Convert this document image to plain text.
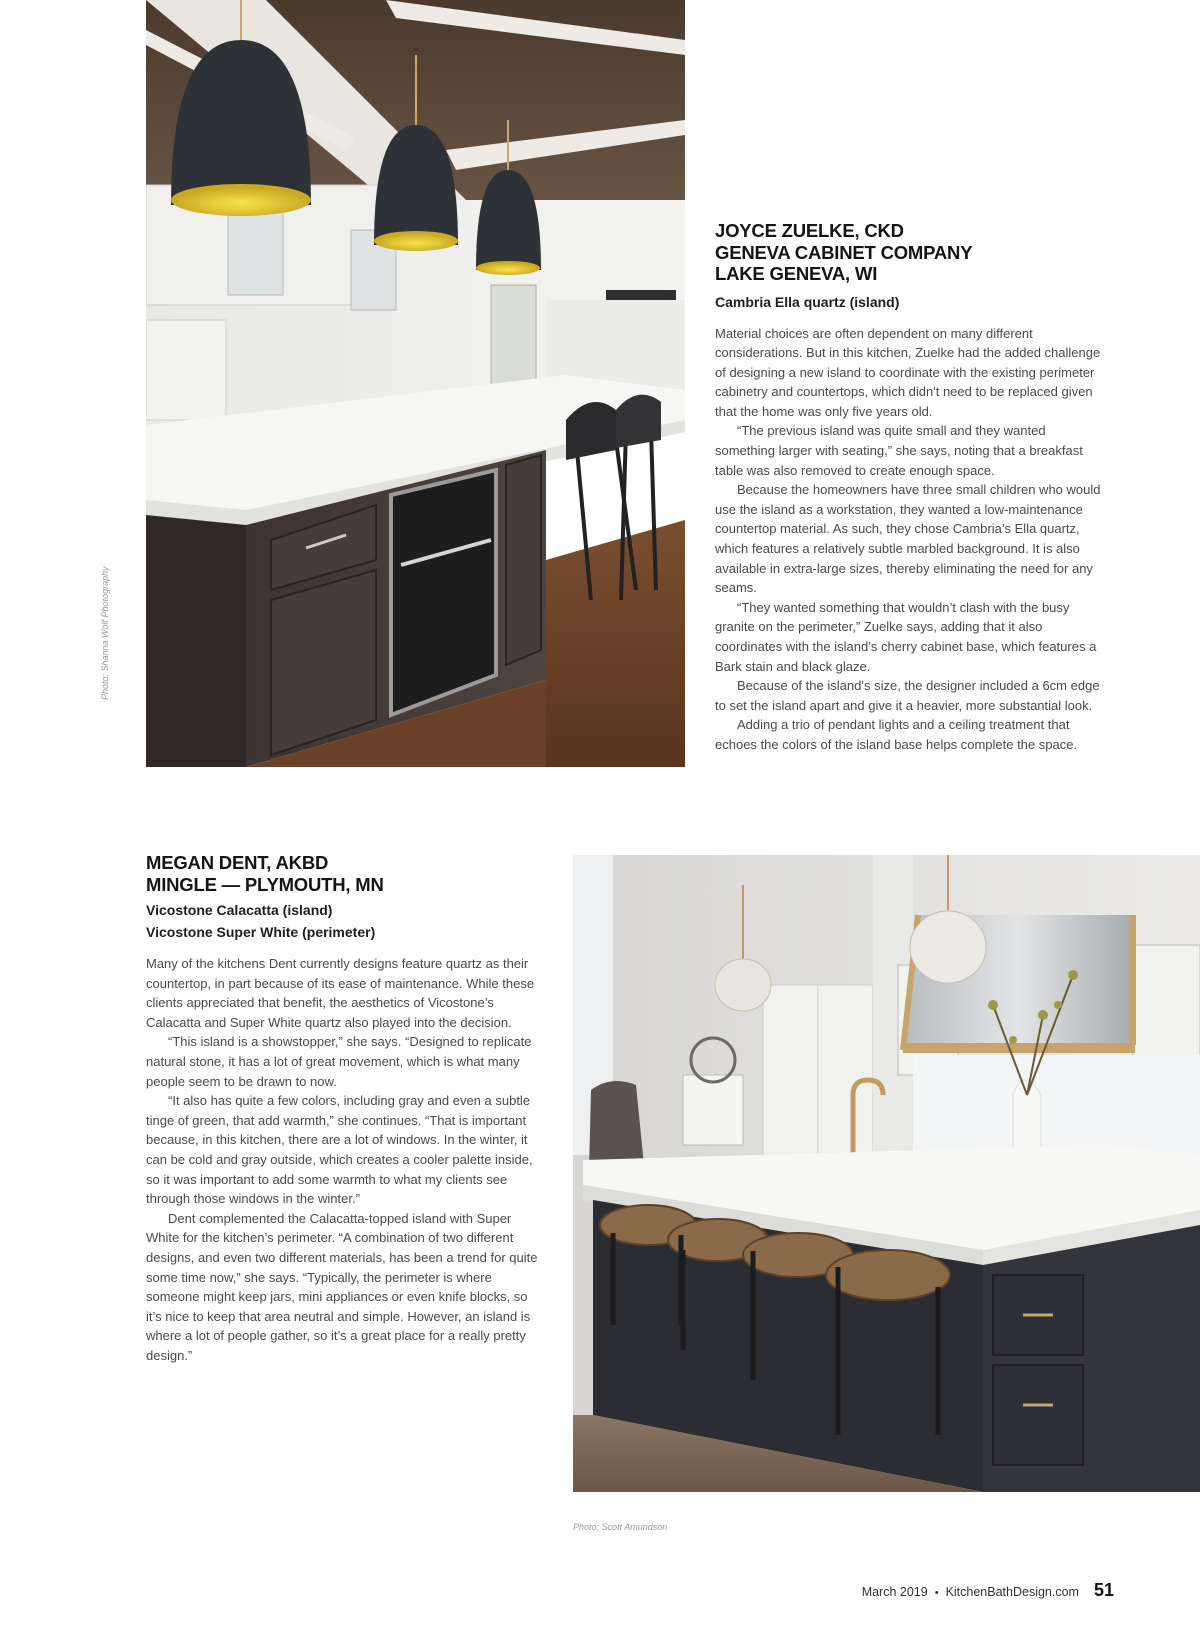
Photo: Shanna Wolf Photography
JOYCE ZUELKE, CKD
GENEVA CABINET COMPANY
LAKE GENEVA, WI
Cambria Ella quartz (island)

Material choices are often dependent on many different considerations. But in this kitchen, Zuelke had the added challenge of designing a new island to coordinate with the existing perimeter cabinetry and countertops, which didn't need to be replaced given that the home was only five years old.

“The previous island was quite small and they wanted something larger with seating,” she says, noting that a breakfast table was also removed to create enough space.

Because the homeowners have three small children who would use the island as a workstation, they wanted a low-maintenance countertop material. As such, they chose Cambria’s Ella quartz, which features a relatively subtle marbled background. It is also available in extra-large sizes, thereby eliminating the need for any seams.

“They wanted something that wouldn’t clash with the busy granite on the perimeter,” Zuelke says, adding that it also coordinates with the island’s cherry cabinet base, which features a Bark stain and black glaze.

Because of the island’s size, the designer included a 6cm edge to set the island apart and give it a heavier, more substantial look.

Adding a trio of pendant lights and a ceiling treatment that echoes the colors of the island base helps complete the space.

MEGAN DENT, AKBD
MINGLE — PLYMOUTH, MN
Vicostone Calacatta (island)
Vicostone Super White (perimeter)

Many of the kitchens Dent currently designs feature quartz as their countertop, in part because of its ease of maintenance. While these clients appreciated that benefit, the aesthetics of Vicostone’s Calacatta and Super White quartz also played into the decision.

“This island is a showstopper,” she says. “Designed to replicate natural stone, it has a lot of great movement, which is what many people seem to be drawn to now.

“It also has quite a few colors, including gray and even a subtle tinge of green, that add warmth,” she continues. “That is important because, in this kitchen, there are a lot of windows. In the winter, it can be cold and gray outside, which creates a cooler palette inside, so it was important to add some warmth to what my clients see through those windows in the winter.”

Dent complemented the Calacatta-topped island with Super White for the kitchen’s perimeter. “A combination of two different designs, and even two different materials, has been a trend for quite some time now,” she says. “Typically, the perimeter is where someone might keep jars, mini appliances or even knife blocks, so it’s nice to keep that area neutral and simple. However, an island is where a lot of people gather, so it’s a great place for a really pretty design.”

Photo: Scott Amundson
March 2019 • KitchenBathDesign.com 51
